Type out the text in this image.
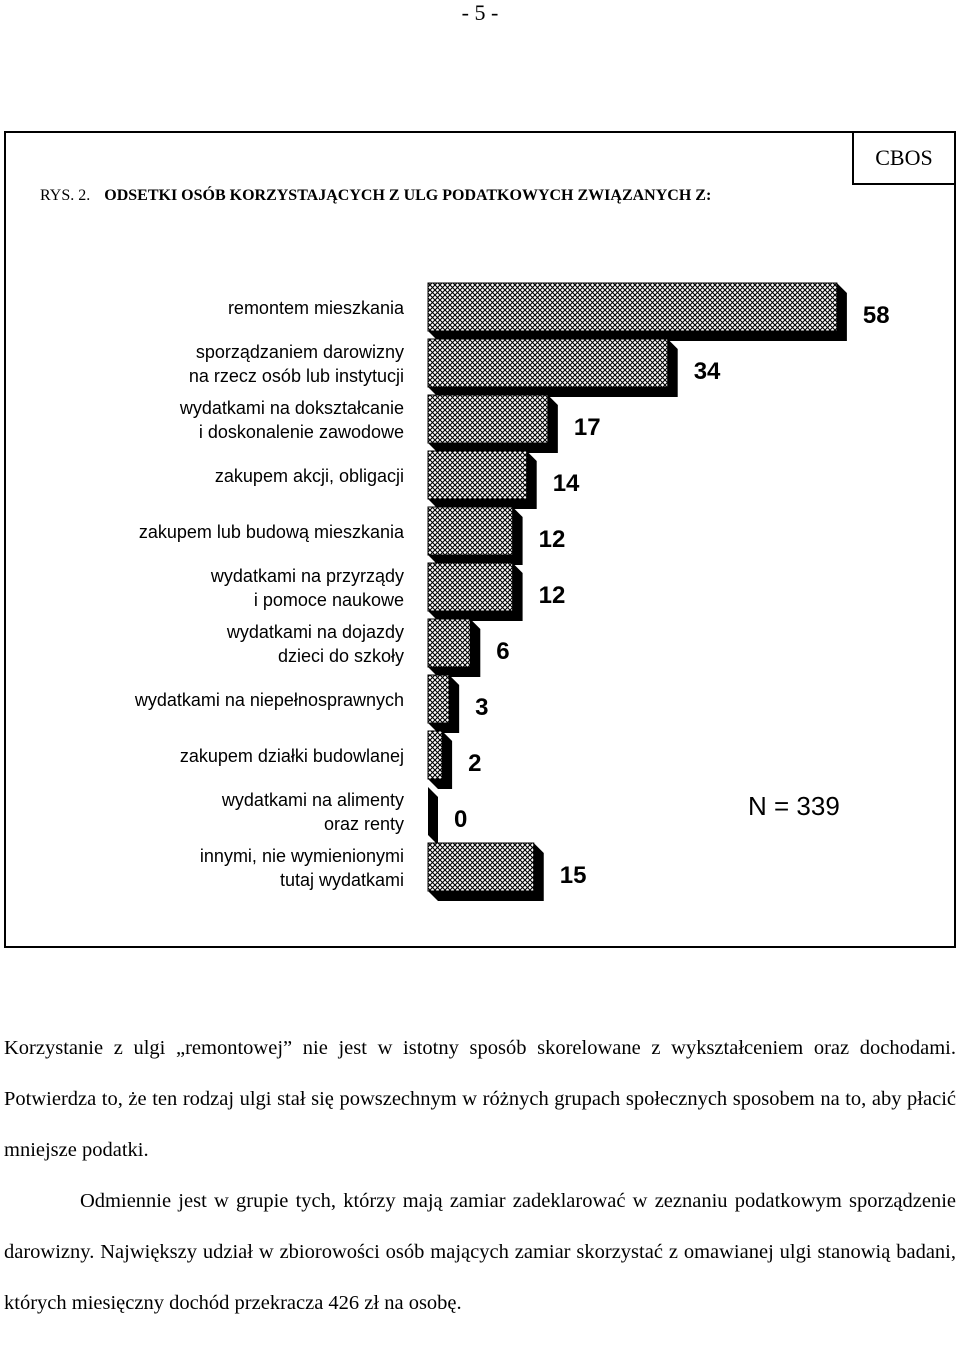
- 5 -
CBOS
RYS. 2. ODSETKI OSÓB KORZYSTAJĄCYCH Z ULG PODATKOWYCH ZWIĄZANYCH Z:
58
remontem mieszkania
34
sporządzaniem darowizny
na rzecz osób lub instytucji
17
wydatkami na dokształcanie
i doskonalenie zawodowe
14
zakupem akcji, obligacji
12
zakupem lub budową mieszkania
12
wydatkami na przyrządy
i pomoce naukowe
6
wydatkami na dojazdy
dzieci do szkoły
3
wydatkami na niepełnosprawnych
2
zakupem działki budowlanej
0
wydatkami na alimenty
oraz renty
15
innymi, nie wymienionymi
tutaj wydatkami
N = 339

Korzystanie z ulgi „remontowej” nie jest w istotny sposób skorelowane z wykształceniem oraz dochodami. Potwierdza to, że ten rodzaj ulgi stał się powszechnym w różnych grupach społecznych sposobem na to, aby płacić mniejsze podatki.

Odmiennie jest w grupie tych, którzy mają zamiar zadeklarować w zeznaniu podatkowym sporządzenie darowizny. Największy udział w zbiorowości osób mających zamiar skorzystać z omawianej ulgi stanowią badani, których miesięczny dochód przekracza 426 zł na osobę.
